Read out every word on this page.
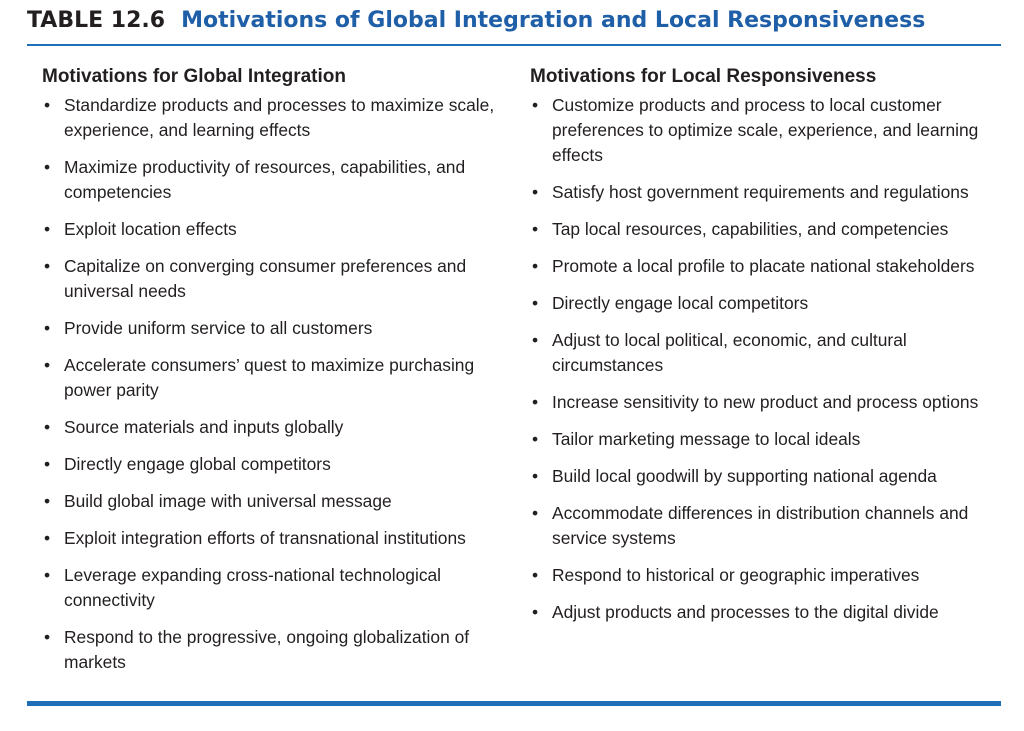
TABLE 12.6 Motivations of Global Integration and Local Responsiveness
Motivations for Global Integration
• Standardize products and processes to maximize scale, experience, and learning effects
• Maximize productivity of resources, capabilities, and competencies
• Exploit location effects
• Capitalize on converging consumer preferences and universal needs
• Provide uniform service to all customers
• Accelerate consumers’ quest to maximize purchasing power parity
• Source materials and inputs globally
• Directly engage global competitors
• Build global image with universal message
• Exploit integration efforts of transnational institutions
• Leverage expanding cross-national technological connectivity
• Respond to the progressive, ongoing globalization of markets
Motivations for Local Responsiveness
• Customize products and process to local customer preferences to optimize scale, experience, and learning effects
• Satisfy host government requirements and regulations
• Tap local resources, capabilities, and competencies
• Promote a local profile to placate national stakeholders
• Directly engage local competitors
• Adjust to local political, economic, and cultural circumstances
• Increase sensitivity to new product and process options
• Tailor marketing message to local ideals
• Build local goodwill by supporting national agenda
• Accommodate differences in distribution channels and service systems
• Respond to historical or geographic imperatives
• Adjust products and processes to the digital divide
